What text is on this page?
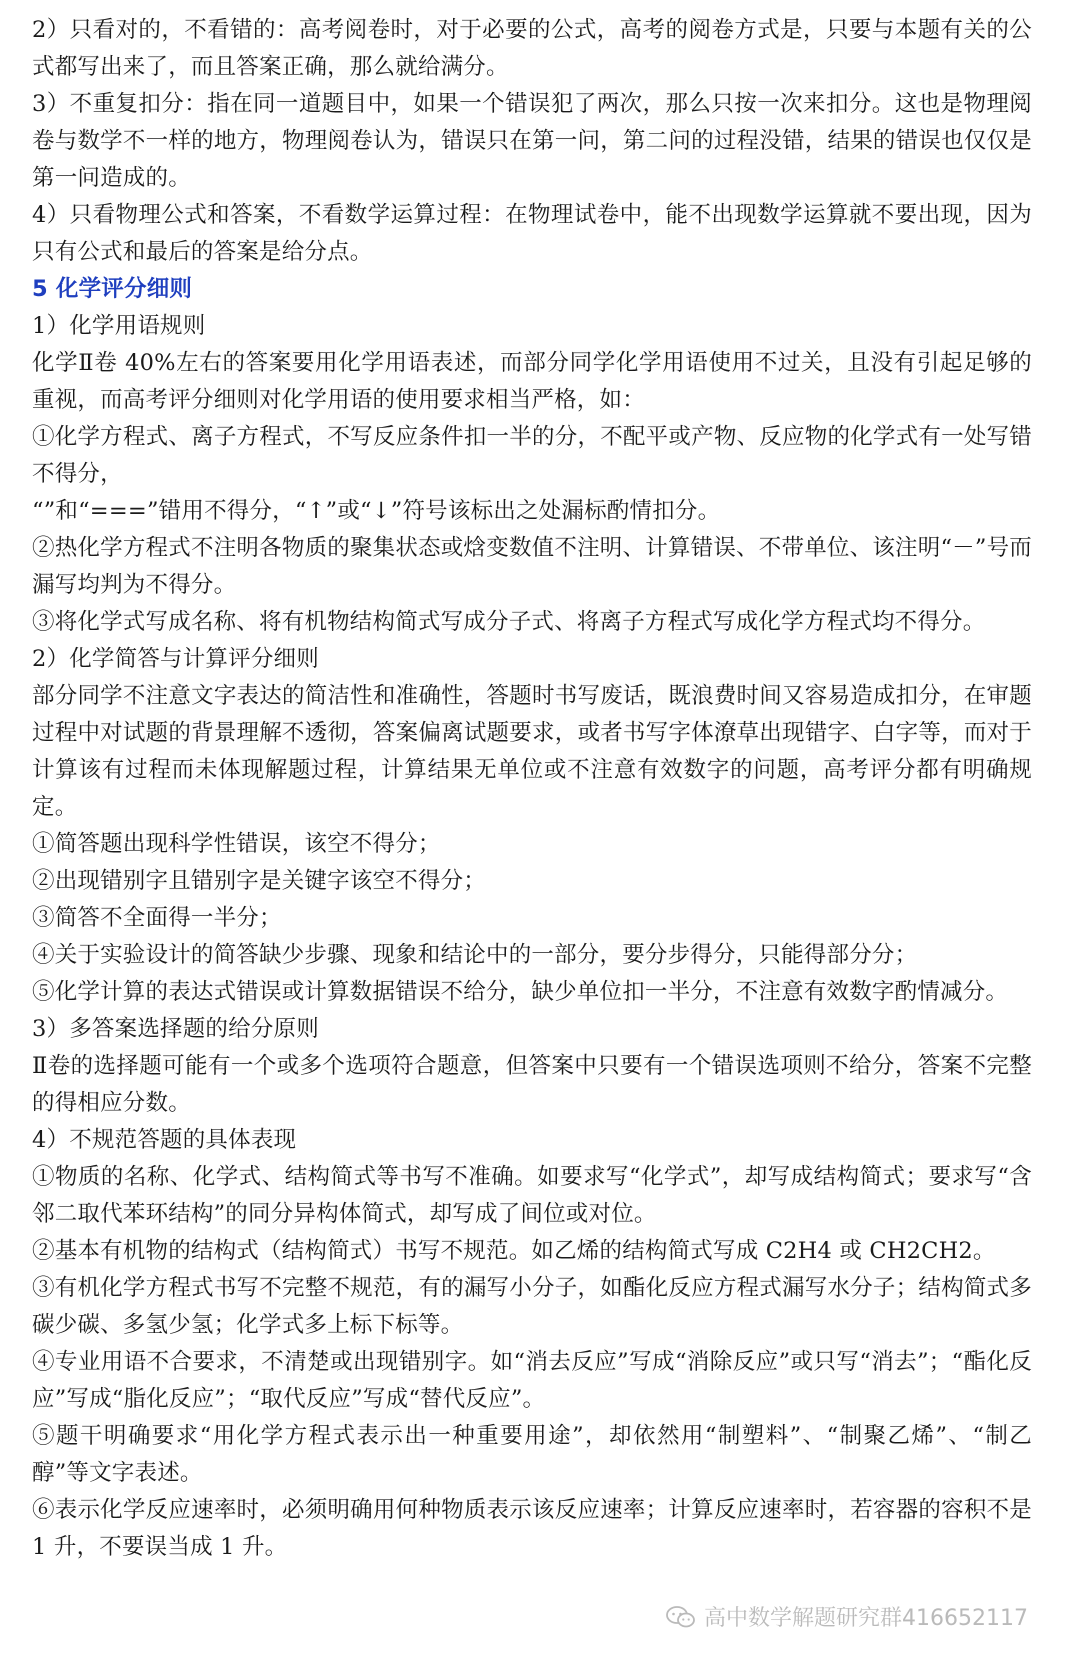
2）只看对的，不看错的：高考阅卷时，对于必要的公式，高考的阅卷方式是，只要与本题有关的公式都写出来了，而且答案正确，那么就给满分。

3）不重复扣分：指在同一道题目中，如果一个错误犯了两次，那么只按一次来扣分。这也是物理阅卷与数学不一样的地方，物理阅卷认为，错误只在第一问，第二问的过程没错，结果的错误也仅仅是第一问造成的。

4）只看物理公式和答案，不看数学运算过程：在物理试卷中，能不出现数学运算就不要出现，因为只有公式和最后的答案是给分点。

5 化学评分细则

1）化学用语规则

化学Ⅱ卷 40%左右的答案要用化学用语表述，而部分同学化学用语使用不过关，且没有引起足够的重视，而高考评分细则对化学用语的使用要求相当严格，如：

①化学方程式、离子方程式，不写反应条件扣一半的分，不配平或产物、反应物的化学式有一处写错不得分，

“”和“===”错用不得分，“↑”或“↓”符号该标出之处漏标酌情扣分。

②热化学方程式不注明各物质的聚集状态或焓变数值不注明、计算错误、不带单位、该注明“－”号而漏写均判为不得分。

③将化学式写成名称、将有机物结构简式写成分子式、将离子方程式写成化学方程式均不得分。

2）化学简答与计算评分细则

部分同学不注意文字表达的简洁性和准确性，答题时书写废话，既浪费时间又容易造成扣分，在审题过程中对试题的背景理解不透彻，答案偏离试题要求，或者书写字体潦草出现错字、白字等，而对于计算该有过程而未体现解题过程，计算结果无单位或不注意有效数字的问题，高考评分都有明确规定。

①简答题出现科学性错误，该空不得分；

②出现错别字且错别字是关键字该空不得分；

③简答不全面得一半分；

④关于实验设计的简答缺少步骤、现象和结论中的一部分，要分步得分，只能得部分分；

⑤化学计算的表达式错误或计算数据错误不给分，缺少单位扣一半分，不注意有效数字酌情减分。

3）多答案选择题的给分原则

Ⅱ卷的选择题可能有一个或多个选项符合题意，但答案中只要有一个错误选项则不给分，答案不完整的得相应分数。

4）不规范答题的具体表现

①物质的名称、化学式、结构简式等书写不准确。如要求写“化学式”，却写成结构简式；要求写“含邻二取代苯环结构”的同分异构体简式，却写成了间位或对位。

②基本有机物的结构式（结构简式）书写不规范。如乙烯的结构简式写成 C2H4 或 CH2CH2。

③有机化学方程式书写不完整不规范，有的漏写小分子，如酯化反应方程式漏写水分子；结构简式多碳少碳、多氢少氢；化学式多上标下标等。

④专业用语不合要求，不清楚或出现错别字。如“消去反应”写成“消除反应”或只写“消去”；“酯化反应”写成“脂化反应”；“取代反应”写成“替代反应”。

⑤题干明确要求“用化学方程式表示出一种重要用途”，却依然用“制塑料”、“制聚乙烯”、“制乙醇”等文字表述。

⑥表示化学反应速率时，必须明确用何种物质表示该反应速率；计算反应速率时，若容器的容积不是 1 升，不要误当成 1 升。

高中数学解题研究群416652117
